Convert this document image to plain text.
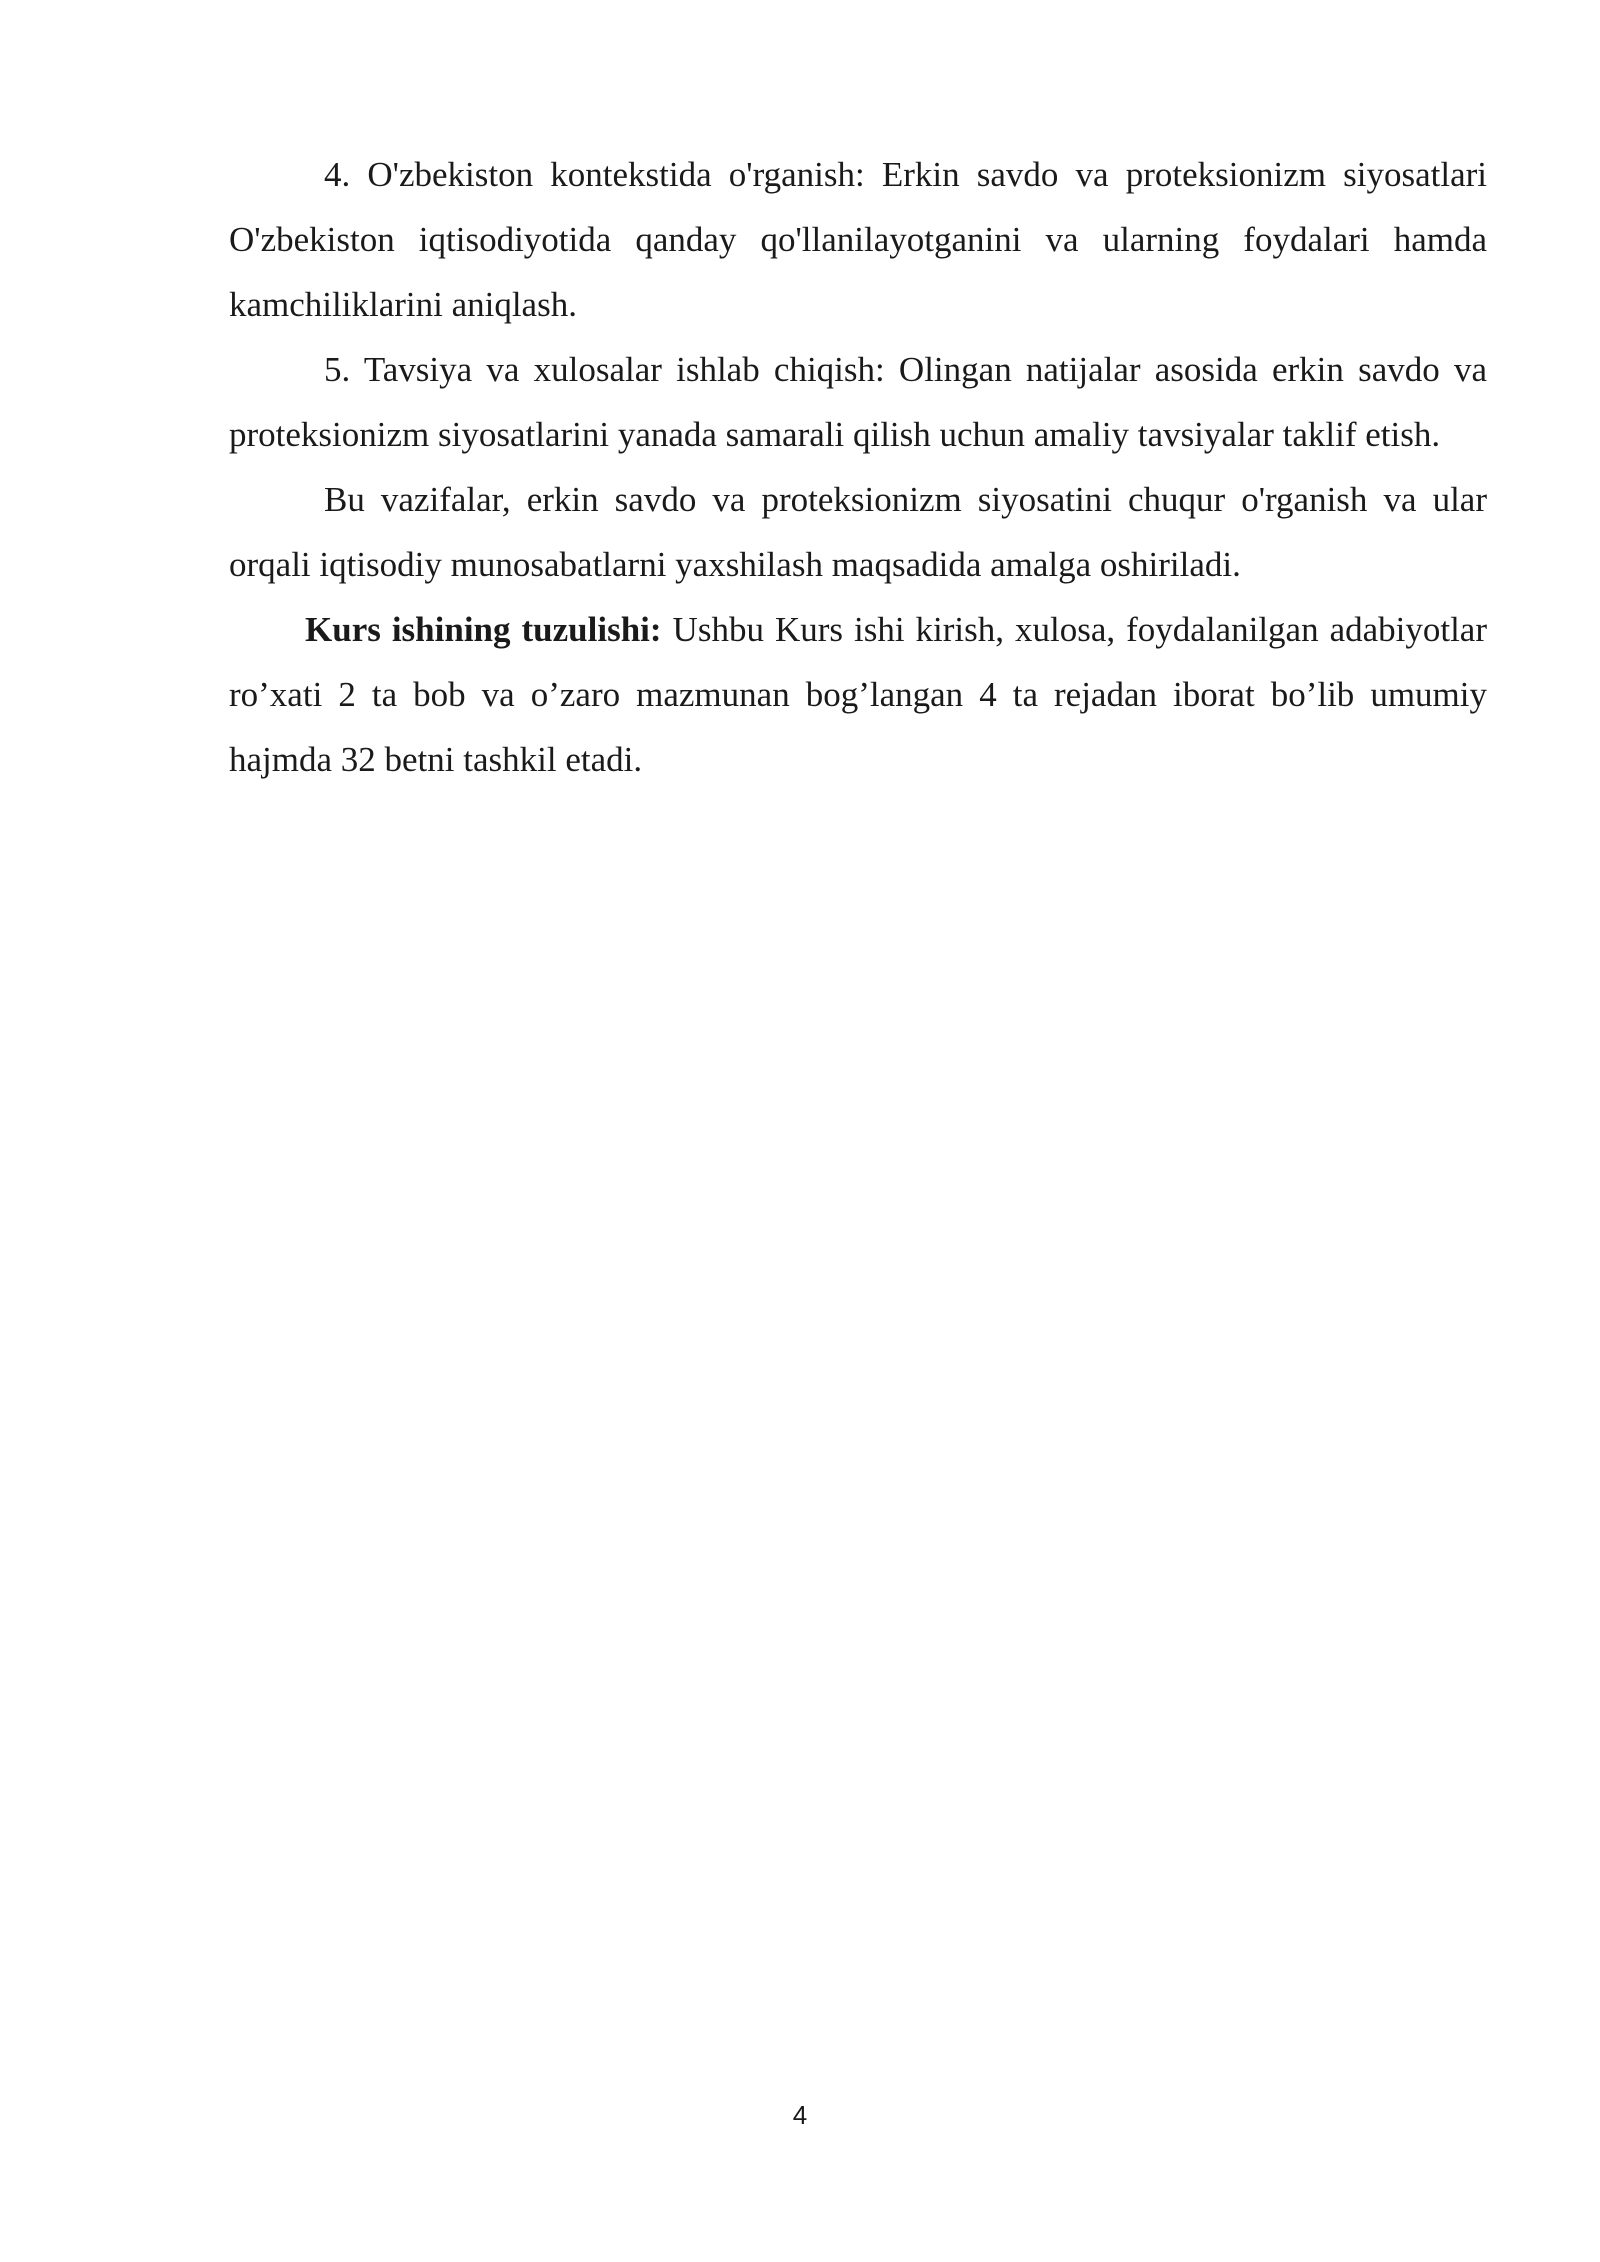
4. O'zbekiston kontekstida o'rganish: Erkin savdo va proteksionizm siyosatlari O'zbekiston iqtisodiyotida qanday qo'llanilayotganini va ularning foydalari hamda kamchiliklarini aniqlash.

5. Tavsiya va xulosalar ishlab chiqish: Olingan natijalar asosida erkin savdo va proteksionizm siyosatlarini yanada samarali qilish uchun amaliy tavsiyalar taklif etish.

Bu vazifalar, erkin savdo va proteksionizm siyosatini chuqur o'rganish va ular orqali iqtisodiy munosabatlarni yaxshilash maqsadida amalga oshiriladi.

Kurs ishining tuzulishi: Ushbu Kurs ishi kirish, xulosa, foydalanilgan adabiyotlar ro’xati 2 ta bob va o’zaro mazmunan bog’langan 4 ta rejadan iborat bo’lib umumiy hajmda 32 betni tashkil etadi.

4
